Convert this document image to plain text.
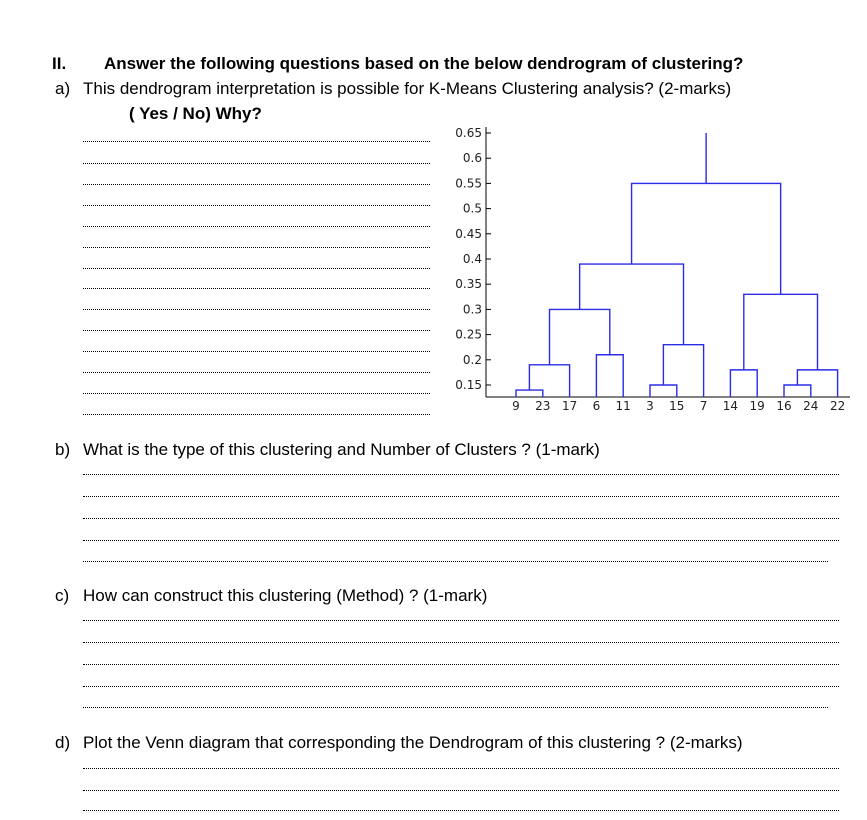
II. Answer the following questions based on the below dendrogram of clustering?
a) This dendrogram interpretation is possible for K-Means Clustering analysis? (2-marks)
( Yes / No) Why?
0.65
0.6
0.55
0.5
0.45
0.4
0.35
0.3
0.25
0.2
0.15
9 23 17 6 11 3 15 7 14 19 16 24 22
b) What is the type of this clustering and Number of Clusters ? (1-mark)
c) How can construct this clustering (Method) ? (1-mark)
d) Plot the Venn diagram that corresponding the Dendrogram of this clustering ? (2-marks)
